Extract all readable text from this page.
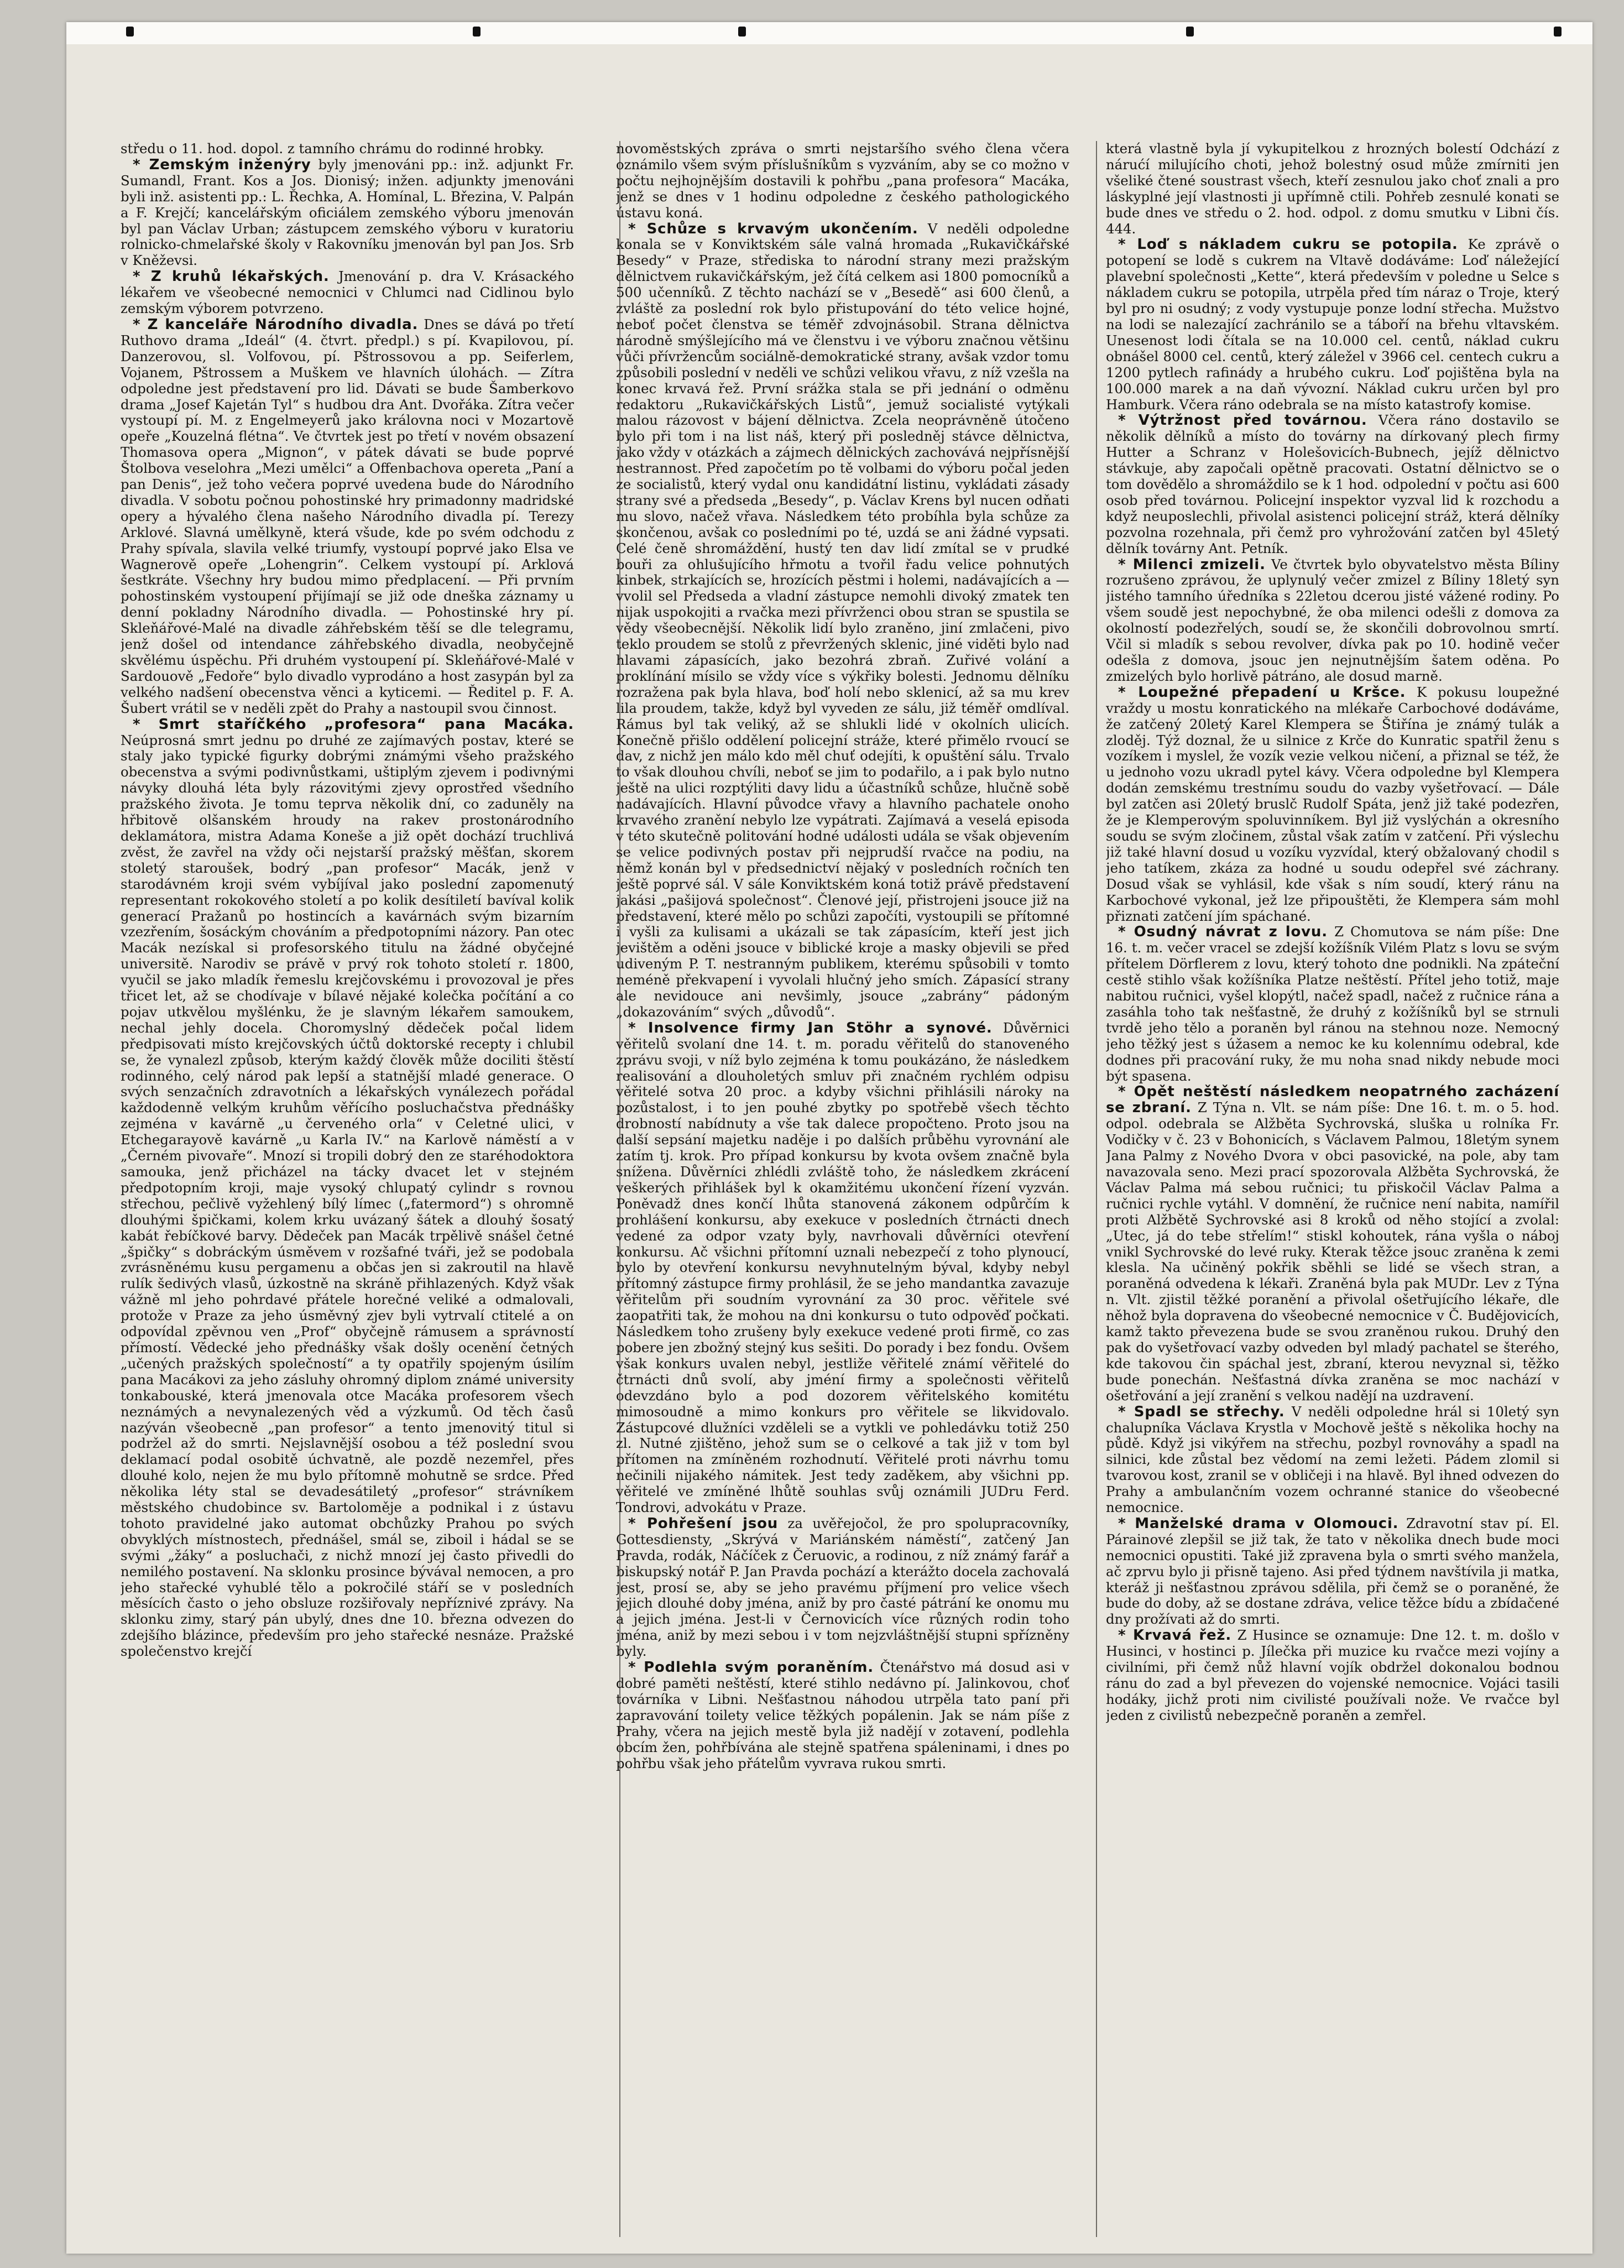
středu o 11. hod. dopol. z tamního chrámu do rodinné hrobky.

* Zemským inženýry byly jmenováni pp.: inž. adjunkt Fr. Sumandl, Frant. Kos a Jos. Dionisý; inžen. adjunkty jmenováni byli inž. asistenti pp.: L. Řechka, A. Homínal, L. Březina, V. Palpán a F. Krejčí; kancelářským oficiálem zemského výboru jmenován byl pan Václav Urban; zástupcem zemského výboru v kuratoriu rolnicko-chmelařské školy v Rakovníku jmenován byl pan Jos. Srb v Kněževsi.

* Z kruhů lékařských. Jmenování p. dra V. Krásackého lékařem ve všeobecné nemocnici v Chlumci nad Cidlinou bylo zemským výborem potvrzeno.

* Z kanceláře Národního divadla. Dnes se dává po třetí Ruthovo drama „Ideál“ (4. čtvrt. předpl.) s pí. Kvapilovou, pí. Danzerovou, sl. Volfovou, pí. Pštrossovou a pp. Seiferlem, Vojanem, Pštrossem a Muškem ve hlavních úlohách. — Zítra odpoledne jest představení pro lid. Dávati se bude Šamberkovo drama „Josef Kajetán Tyl“ s hudbou dra Ant. Dvořáka. Zítra večer vystoupí pí. M. z Engelmeyerů jako královna noci v Mozartově opeře „Kouzelná flétna“. Ve čtvrtek jest po třetí v novém obsazení Thomasova opera „Mignon“, v pátek dávati se bude poprvé Štolbova veselohra „Mezi umělci“ a Offenbachova opereta „Paní a pan Denis“, jež toho večera poprvé uvedena bude do Národního divadla. V sobotu počnou pohostinské hry primadonny madridské opery a hývalého člena našeho Národního divadla pí. Terezy Arklové. Slavná umělkyně, která všude, kde po svém odchodu z Prahy spívala, slavila velké triumfy, vystoupí poprvé jako Elsa ve Wagnerově opeře „Lohengrin“. Celkem vystoupí pí. Arklová šestkráte. Všechny hry budou mimo předplacení. — Při prvním pohostinském vystoupení přijímají se již ode dneška záznamy u denní pokladny Národního divadla. — Pohostinské hry pí. Skleňářové-Malé na divadle záhřebském těší se dle telegramu, jenž došel od intendance záhřebského divadla, neobyčejně skvělému úspěchu. Při druhém vystoupení pí. Skleňářové-Malé v Sardouově „Fedoře“ bylo divadlo vyprodáno a host zasypán byl za velkého nadšení obecenstva věnci a kyticemi. — Ředitel p. F. A. Šubert vrátil se v neděli zpět do Prahy a nastoupil svou činnost.

* Smrt staříčkého „profesora“ pana Macáka. Neúprosná smrt jednu po druhé ze zajímavých postav, které se staly jako typické figurky dobrými známými všeho pražského obecenstva a svými podivnůstkami, uštiplým zjevem i podivnými návyky dlouhá léta byly rázovitými zjevy oprostřed všedního pražského života. Je tomu teprva několik dní, co zaduněly na hřbitově olšanském hroudy na rakev prostonárodního deklamátora, mistra Adama Koneše a již opět dochází truchlivá zvěst, že zavřel na vždy oči nejstarší pražský měšťan, skorem stoletý staroušek, bodrý „pan profesor“ Macák, jenž v starodávném kroji svém vybíjíval jako poslední zapomenutý representant rokokového století a po kolik desítiletí bavíval kolik generací Pražanů po hostincích a kavárnách svým bizarním vzezřením, šosáckým chováním a předpotopními názory. Pan otec Macák nezískal si profesorského titulu na žádné obyčejné universitě. Narodiv se právě v prvý rok tohoto století r. 1800, vyučil se jako mladík řemeslu krejčovskému i provozoval je přes třicet let, až se chodívaje v bílavé nějaké kolečka počítání a co pojav utkvělou myšlénku, že je slavným lékařem samoukem, nechal jehly docela. Choromyslný dědeček počal lidem předpisovati místo krejčovských účtů doktorské recepty i chlubil se, že vynalezl způsob, kterým každý člověk může dociliti štěstí rodinného, celý národ pak lepší a statnější mladé generace. O svých senzačních zdravotních a lékařských vynálezech pořádal každodenně velkým kruhům věřícího posluchačstva přednášky zejména v kavárně „u červeného orla“ v Celetné ulici, v Etchegarayově kavárně „u Karla IV.“ na Karlově náměstí a v „Černém pivovaře“. Mnozí si tropili dobrý den ze staréhodoktora samouka, jenž přicházel na tácky dvacet let v stejném předpotopním kroji, maje vysoký chlupatý cylindr s rovnou střechou, pečlivě vyžehlený bílý límec („fatermord“) s ohromně dlouhými špičkami, kolem krku uvázaný šátek a dlouhý šosatý kabát řebíčkové barvy. Dědeček pan Macák trpělivě snášel četné „špičky“ s dobráckým úsměvem v rozšafné tváři, jež se podobala zvrásněnému kusu pergamenu a občas jen si zakroutil na hlavě rulík šedivých vlasů, úzkostně na skráně přihlazených. Když však vážně ml jeho pohrdavé přátele horečné veliké a odmalovali, protože v Praze za jeho úsměvný zjev byli vytrvalí ctitelé a on odpovídal zpěvnou ven „Prof“ obyčejně rámusem a správností přímostí. Vědecké jeho přednášky však došly ocenění četných „učených pražských společností“ a ty opatřily spojeným úsilím pana Macákovi za jeho zásluhy ohromný diplom známé university tonkabouské, která jmenovala otce Macáka profesorem všech neznámých a nevynalezených věd a výzkumů. Od těch časů nazýván všeobecně „pan profesor“ a tento jmenovitý titul si podržel až do smrti. Nejslavnější osobou a též poslední svou deklamací podal osobitě úchvatně, ale pozdě nezemřel, přes dlouhé kolo, nejen že mu bylo přítomně mohutně se srdce. Před několika léty stal se devadesátiletý „profesor“ strávníkem městského chudobince sv. Bartoloměje a podnikal i z ústavu tohoto pravidelné jako automat obchůzky Prahou po svých obvyklých místnostech, přednášel, smál se, ziboil i hádal se se svými „žáky“ a posluchači, z nichž mnozí jej často přivedli do nemilého postavení. Na sklonku prosince bývával nemocen, a pro jeho stařecké vyhublé tělo a pokročilé stáří se v posledních měsících často o jeho obsluze rozšiřovaly nepříznivé zprávy. Na sklonku zimy, starý pán ubylý, dnes dne 10. března odvezen do zdejšího blázince, především pro jeho stařecké nesnáze. Pražské společenstvo krejčí

novoměstských zpráva o smrti nejstaršího svého člena včera oznámilo všem svým příslušníkům s vyzváním, aby se co možno v počtu nejhojnějším dostavili k pohřbu „pana profesora“ Macáka, jenž se dnes v 1 hodinu odpoledne z českého pathologického ústavu koná.

* Schůze s krvavým ukončením. V neděli odpoledne konala se v Konviktském sále valná hromada „Rukavičkářské Besedy“ v Praze, střediska to národní strany mezi pražským dělnictvem rukavičkářským, jež čítá celkem asi 1800 pomocníků a 500 učenníků. Z těchto nachází se v „Besedě“ asi 600 členů, a zvláště za poslední rok bylo přistupování do této velice hojné, neboť počet členstva se téměř zdvojnásobil. Strana dělnictva národně smýšlejícího má ve členstvu i ve výboru značnou většinu vůči přívržencům sociálně-demokratické strany, avšak vzdor tomu způsobili poslední v neděli ve schůzi velikou vřavu, z níž vzešla na konec krvavá řež. První srážka stala se při jednání o odměnu redaktoru „Rukavičkářských Listů“, jemuž socialisté vytýkali malou rázovost v bájení dělnictva. Zcela neoprávněně útočeno bylo při tom i na list náš, který při posledněj stávce dělnictva, jako vždy v otázkách a zájmech dělnických zachovává nejpřísnější nestrannost. Před započetím po tě volbami do výboru počal jeden ze socialistů, který vydal onu kandidátní listinu, vykládati zásady strany své a předseda „Besedy“, p. Václav Krens byl nucen odňati mu slovo, načež vřava. Následkem této probíhla byla schůze za skončenou, avšak co posledními po té, uzdá se ani žádné vypsati. Celé čeně shromáždění, hustý ten dav lidí zmítal se v prudké bouři za ohlušujícího hřmotu a tvořil řadu velice pohnutých kinbek, strkajících se, hrozících pěstmi i holemi, nadávajících a — vvolil sel Předseda a vladní zástupce nemohli divoký zmatek ten nijak uspokojiti a rvačka mezi přívrženci obou stran se spustila se vědy všeobecnější. Několik lidí bylo zraněno, jiní zmlačeni, pivo teklo proudem se stolů z převržených sklenic, jiné viděti bylo nad hlavami zápasících, jako bezohrá zbraň. Zuřivé volání a proklínání mísilo se vždy více s výkřiky bolesti. Jednomu dělníku rozražena pak byla hlava, boď holí nebo sklenicí, až sa mu krev lila proudem, takže, když byl vyveden ze sálu, již téměř omdlíval. Rámus byl tak veliký, až se shlukli lidé v okolních ulicích. Konečně přišlo oddělení policejní stráže, které přimělo rvoucí se dav, z nichž jen málo kdo měl chuť odejíti, k opuštění sálu. Trvalo to však dlouhou chvíli, neboť se jim to podařilo, a i pak bylo nutno ještě na ulici rozptýliti davy lidu a účastníků schůze, hlučně sobě nadávajících. Hlavní původce vřavy a hlavního pachatele onoho krvavého zranění nebylo lze vypátrati. Zajímavá a veselá episoda v této skutečně politování hodné události udála se však objevením se velice podivných postav při nejprudší rvačce na podiu, na němž konán byl v předsednictví nějaký v posledních ročních ten ještě poprvé sál. V sále Konviktském koná totiž právě představení jakási „pašijová společnost“. Členové její, přistrojeni jsouce již na představení, které mělo po schůzi započíti, vystoupili se přítomné i vyšli za kulisami a ukázali se tak zápasícím, kteří jest jich jevištěm a oděni jsouce v biblické kroje a masky objevili se před udiveným P. T. nestranným publikem, kterému spůsobili v tomto neméně překvapení i vyvolali hlučný jeho smích. Zápasící strany ale nevidouce ani nevšimly, jsouce „zabrány“ pádoným „dokazováním“ svých „důvodů“.

* Insolvence firmy Jan Stöhr a synové. Důvěrnici věřitelů svolaní dne 14. t. m. poradu věřitelů do stanoveného zprávu svoji, v níž bylo zejména k tomu poukázáno, že následkem realisování a dlouholetých smluv při značném rychlém odpisu věřitelé sotva 20 proc. a kdyby všichni přihlásili nároky na pozůstalost, i to jen pouhé zbytky po spotřebě všech těchto drobností nabídnuty a vše tak dalece propočteno. Proto jsou na další sepsání majetku naděje i po dalších průběhu vyrovnání ale zatím tj. krok. Pro případ konkursu by kvota ovšem značně byla snížena. Důvěrníci zhlédli zvláště toho, že následkem zkrácení veškerých přihlášek byl k okamžitému ukončení řízení vyzván. Poněvadž dnes končí lhůta stanovená zákonem odpůrčím k prohlášení konkursu, aby exekuce v posledních čtrnácti dnech vedené za odpor vzaty byly, navrhovali důvěrníci otevření konkursu. Ač všichni přítomní uznali nebezpečí z toho plynoucí, bylo by otevření konkursu nevyhnutelným býval, kdyby nebyl přítomný zástupce firmy prohlásil, že se jeho mandantka zavazuje věřitelům při soudním vyrovnání za 30 proc. věřitele své zaopatřiti tak, že mohou na dni konkursu o tuto odpověď počkati. Následkem toho zrušeny byly exekuce vedené proti firmě, co zas pobere jen zbožný stejný kus sešiti. Do porady i bez fondu. Ovšem však konkurs uvalen nebyl, jestliže věřitelé známí věřitelé do čtrnácti dnů svolí, aby jméní firmy a společnosti věřitelů odevzdáno bylo a pod dozorem věřitelského komitétu mimosoudně a mimo konkurs pro věřitele se likvidovalo. Zástupcové dlužníci vzděleli se a vytkli ve pohledávku totiž 250 zl. Nutné zjištěno, jehož sum se o celkové a tak již v tom byl přítomen na zmíněném rozhodnutí. Věřitelé proti návrhu tomu nečinili nijakého námitek. Jest tedy zaděkem, aby všichni pp. věřitelé ve zmíněné lhůtě souhlas svůj oznámili JUDru Ferd. Tondrovi, advokátu v Praze.

* Pohřešení jsou za uvěřejočol, že pro spolupracovníky, Gottesdiensty, „Skrývá v Mariánském náměstí“, zatčený Jan Pravda, rodák, Náčíček z Čeruovic, a rodinou, z níž známý farář a biskupský notář P. Jan Pravda pochází a kterážto docela zachovalá jest, prosí se, aby se jeho pravému příjmení pro velice všech jejich dlouhé doby jména, aniž by pro časté pátrání ke onomu mu a jejich jména. Jest-li v Černovicích více různých rodin toho jména, aniž by mezi sebou i v tom nejzvláštnější stupni spřízněny byly.

* Podlehla svým poraněním. Čtenářstvo má dosud asi v dobré paměti neštěstí, které stihlo nedávno pí. Jalinkovou, choť továrníka v Libni. Nešťastnou náhodou utrpěla tato paní při zapravování toilety velice těžkých popálenin. Jak se nám píše z Prahy, včera na jejich mestě byla již nadějí v zotavení, podlehla obcím žen, pohřbívána ale stejně spatřena spáleninami, i dnes po pohřbu však jeho přátelům vyvrava rukou smrti.

která vlastně byla jí vykupitelkou z hrozných bolestí Odchází z nárućí milujícího choti, jehož bolestný osud může zmírniti jen všeliké čtené soustrast všech, kteří zesnulou jako choť znali a pro láskyplné její vlastnosti ji upřímně ctili. Pohřeb zesnulé konati se bude dnes ve středu o 2. hod. odpol. z domu smutku v Libni čís. 444.

* Loď s nákladem cukru se potopila. Ke zprávě o potopení se lodě s cukrem na Vltavě dodáváme: Loď náležející plavební společnosti „Kette“, která především v poledne u Selce s nákladem cukru se potopila, utrpěla před tím náraz o Troje, který byl pro ni osudný; z vody vystupuje ponze lodní střecha. Mužstvo na lodi se nalezající zachránilo se a táboří na břehu vltavském. Unesenost lodi čítala se na 10.000 cel. centů, náklad cukru obnášel 8000 cel. centů, který záležel v 3966 cel. centech cukru a 1200 pytlech rafinády a hrubého cukru. Loď pojištěna byla na 100.000 marek a na daň vývozní. Náklad cukru určen byl pro Hamburk. Včera ráno odebrala se na místo katastrofy komise.

* Výtržnost před továrnou. Včera ráno dostavilo se několik dělníků a místo do továrny na dírkovaný plech firmy Hutter a Schranz v Holešovicích-Bubnech, jejíž dělnictvo stávkuje, aby započali opětně pracovati. Ostatní dělnictvo se o tom dovědělo a shromáždilo se k 1 hod. odpolední v počtu asi 600 osob před továrnou. Policejní inspektor vyzval lid k rozchodu a když neuposlechli, přivolal asistenci policejní stráž, která dělníky pozvolna rozehnala, při čemž pro vyhrožování zatčen byl 45letý dělník továrny Ant. Petník.

* Milenci zmizeli. Ve čtvrtek bylo obyvatelstvo města Bíliny rozrušeno zprávou, že uplynulý večer zmizel z Bíliny 18letý syn jistého tamního úředníka s 22letou dcerou jisté vážené rodiny. Po všem soudě jest nepochybné, že oba milenci odešli z domova za okolností podezřelých, soudí se, že skončili dobrovolnou smrtí. Včil si mladík s sebou revolver, dívka pak po 10. hodině večer odešla z domova, jsouc jen nejnutnějším šatem oděna. Po zmizelých bylo horlivě pátráno, ale dosud marně.

* Loupežné přepadení u Kršce. K pokusu loupežné vraždy u mostu konratického na mlékaře Carbochové dodáváme, že zatčený 20letý Karel Klempera se Štiřína je známý tulák a zloděj. Týž doznal, že u silnice z Krče do Kunratic spatřil ženu s vozíkem i myslel, že vozík vezie velkou ničení, a přiznal se též, že u jednoho vozu ukradl pytel kávy. Včera odpoledne byl Klempera dodán zemskému trestnímu soudu do vazby vyšetřovací. — Dále byl zatčen asi 20letý bruslč Rudolf Spáta, jenž již také podezřen, že je Klemperovým spoluvinníkem. Byl již vyslýchán a okresního soudu se svým zločinem, zůstal však zatím v zatčení. Při výslechu již také hlavní dosud u vozíku vyzvídal, který obžalovaný chodil s jeho tatíkem, zkáza za hodné u soudu odepřel své záchrany. Dosud však se vyhlásil, kde však s ním soudí, který ránu na Karbochové vykonal, jež lze připouštěti, že Klempera sám mohl přiznati zatčení jím spáchané.

* Osudný návrat z lovu. Z Chomutova se nám píše: Dne 16. t. m. večer vracel se zdejší kožíšník Vilém Platz s lovu se svým přítelem Dörflerem z lovu, který tohoto dne podnikli. Na zpáteční cestě stihlo však kožíšníka Platze neštěstí. Přítel jeho totiž, maje nabitou ručnici, vyšel klopýtl, načež spadl, načež z ručnice rána a zasáhla toho tak nešťastně, že druhý z kožíšníků byl se strnuli tvrdě jeho tělo a poraněn byl ránou na stehnou noze. Nemocný jeho těžký jest s úžasem a nemoc ke ku kolennímu odebral, kde dodnes při pracování ruky, že mu noha snad nikdy nebude moci být spasena.

* Opět neštěstí následkem neopatrného zacházení se zbraní. Z Týna n. Vlt. se nám píše: Dne 16. t. m. o 5. hod. odpol. odebrala se Alžběta Sychrovská, sluška u rolníka Fr. Vodičky v č. 23 v Bohonicích, s Václavem Palmou, 18letým synem Jana Palmy z Nového Dvora v obci pasovické, na pole, aby tam navazovala seno. Mezi prací spozorovala Alžběta Sychrovská, že Václav Palma má sebou ručnici; tu přiskočil Václav Palma a ručnici rychle vytáhl. V domnění, že ručnice není nabita, namířil proti Alžbětě Sychrovské asi 8 kroků od něho stojící a zvolal: „Utec, já do tebe střelím!“ stiskl kohoutek, rána vyšla o náboj vnikl Sychrovské do levé ruky. Kterak těžce jsouc zraněna k zemi klesla. Na učiněný pokřik sběhli se lidé se všech stran, a poraněná odvedena k lékaři. Zraněná byla pak MUDr. Lev z Týna n. Vlt. zjistil těžké poranění a přivolal ošetřujícího lékaře, dle něhož byla dopravena do všeobecné nemocnice v Č. Budějovicích, kamž takto převezena bude se svou zraněnou rukou. Druhý den pak do vyšetřovací vazby odveden byl mladý pachatel se šterého, kde takovou čin spáchal jest, zbraní, kterou nevyznal si, těžko bude ponechán. Nešťastná dívka zraněna se moc nachází v ošetřování a její zranění s velkou nadějí na uzdravení.

* Spadl se střechy. V neděli odpoledne hrál si 10letý syn chalupníka Václava Krystla v Mochově ještě s několika hochy na půdě. Když jsi vikýřem na střechu, pozbyl rovnováhy a spadl na silnici, kde zůstal bez vědomí na zemi ležeti. Pádem zlomil si tvarovou kost, zranil se v obličeji i na hlavě. Byl ihned odvezen do Prahy a ambulančním vozem ochranné stanice do všeobecné nemocnice.

* Manželské drama v Olomouci. Zdravotní stav pí. El. Párainové zlepšil se již tak, že tato v několika dnech bude moci nemocnici opustiti. Také již zpravena byla o smrti svého manžela, ač zprvu bylo ji přisně tajeno. Asi před týdnem navštívila ji matka, kteráž ji nešťastnou zprávou sdělila, při čemž se o poraněné, že bude do doby, až se dostane zdráva, velice těžce bídu a zbídačené dny prožívati až do smrti.

* Krvavá řež. Z Husince se oznamuje: Dne 12. t. m. došlo v Husinci, v hostinci p. Jílečka při muzice ku rvačce mezi vojíny a civilními, při čemž nůž hlavní vojík obdržel dokonalou bodnou ránu do zad a byl převezen do vojenské nemocnice. Vojáci tasili hodáky, jichž proti nim civilisté používali nože. Ve rvačce byl jeden z civilistů nebezpečně poraněn a zemřel.
